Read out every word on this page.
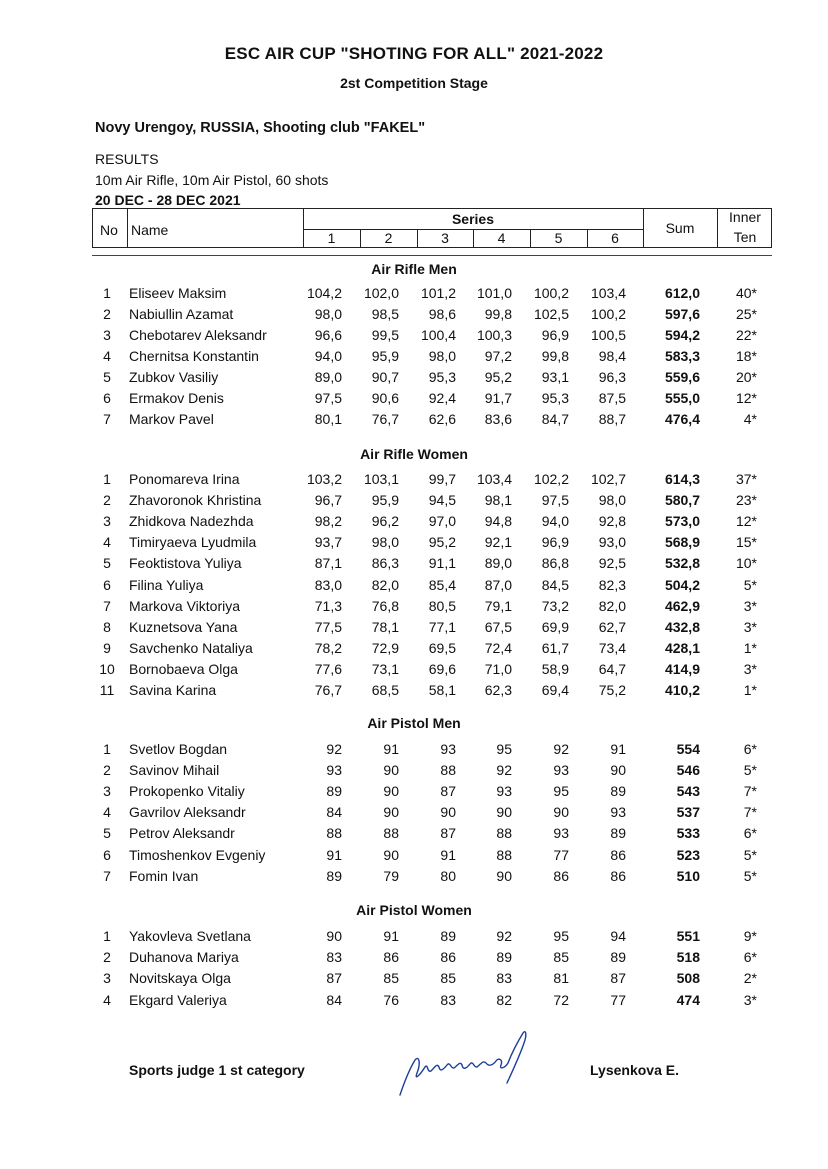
ESC AIR CUP "SHOTING FOR ALL" 2021-2022
2st Competition Stage
Novy Urengoy, RUSSIA, Shooting club "FAKEL"
RESULTS
10m Air Rifle, 10m Air Pistol, 60 shots
20 DEC - 28 DEC 2021
No Name
Series
1	2	3	4	5	6
Sum
Inner
Ten
Air Rifle Men
1	Eliseev Maksim	104,2	102,0	101,2	101,0	100,2	103,4	612,0	40*
2	Nabiullin Azamat	98,0	98,5	98,6	99,8	102,5	100,2	597,6	25*
3	Chebotarev Aleksandr	96,6	99,5	100,4	100,3	96,9	100,5	594,2	22*
4	Chernitsa Konstantin	94,0	95,9	98,0	97,2	99,8	98,4	583,3	18*
5	Zubkov Vasiliy	89,0	90,7	95,3	95,2	93,1	96,3	559,6	20*
6	Ermakov Denis	97,5	90,6	92,4	91,7	95,3	87,5	555,0	12*
7	Markov Pavel	80,1	76,7	62,6	83,6	84,7	88,7	476,4	4*
Air Rifle Women
1	Ponomareva Irina	103,2	103,1	99,7	103,4	102,2	102,7	614,3	37*
2	Zhavoronok Khristina	96,7	95,9	94,5	98,1	97,5	98,0	580,7	23*
3	Zhidkova Nadezhda	98,2	96,2	97,0	94,8	94,0	92,8	573,0	12*
4	Timiryaeva Lyudmila	93,7	98,0	95,2	92,1	96,9	93,0	568,9	15*
5	Feoktistova Yuliya	87,1	86,3	91,1	89,0	86,8	92,5	532,8	10*
6	Filina Yuliya	83,0	82,0	85,4	87,0	84,5	82,3	504,2	5*
7	Markova Viktoriya	71,3	76,8	80,5	79,1	73,2	82,0	462,9	3*
8	Kuznetsova Yana	77,5	78,1	77,1	67,5	69,9	62,7	432,8	3*
9	Savchenko Nataliya	78,2	72,9	69,5	72,4	61,7	73,4	428,1	1*
10 Bornobaeva Olga	77,6	73,1	69,6	71,0	58,9	64,7	414,9	3*
11 Savina Karina	76,7	68,5	58,1	62,3	69,4	75,2	410,2	1*
Air Pistol Men
1	Svetlov Bogdan	92	91	93	95	92	91	554	6*
2	Savinov Mihail	93	90	88	92	93	90	546	5*
3	Prokopenko Vitaliy	89	90	87	93	95	89	543	7*
4	Gavrilov Aleksandr	84	90	90	90	90	93	537	7*
5	Petrov Aleksandr	88	88	87	88	93	89	533	6*
6	Timoshenkov Evgeniy	91	90	91	88	77	86	523	5*
7	Fomin Ivan	89	79	80	90	86	86	510	5*
Air Pistol Women
1	Yakovleva Svetlana	90	91	89	92	95	94	551	9*
2	Duhanova Mariya	83	86	86	89	85	89	518	6*
3	Novitskaya Olga	87	85	85	83	81	87	508	2*
4	Ekgard Valeriya	84	76	83	82	72	77	474	3*
Sports judge 1 st category	Lysenkova E.
